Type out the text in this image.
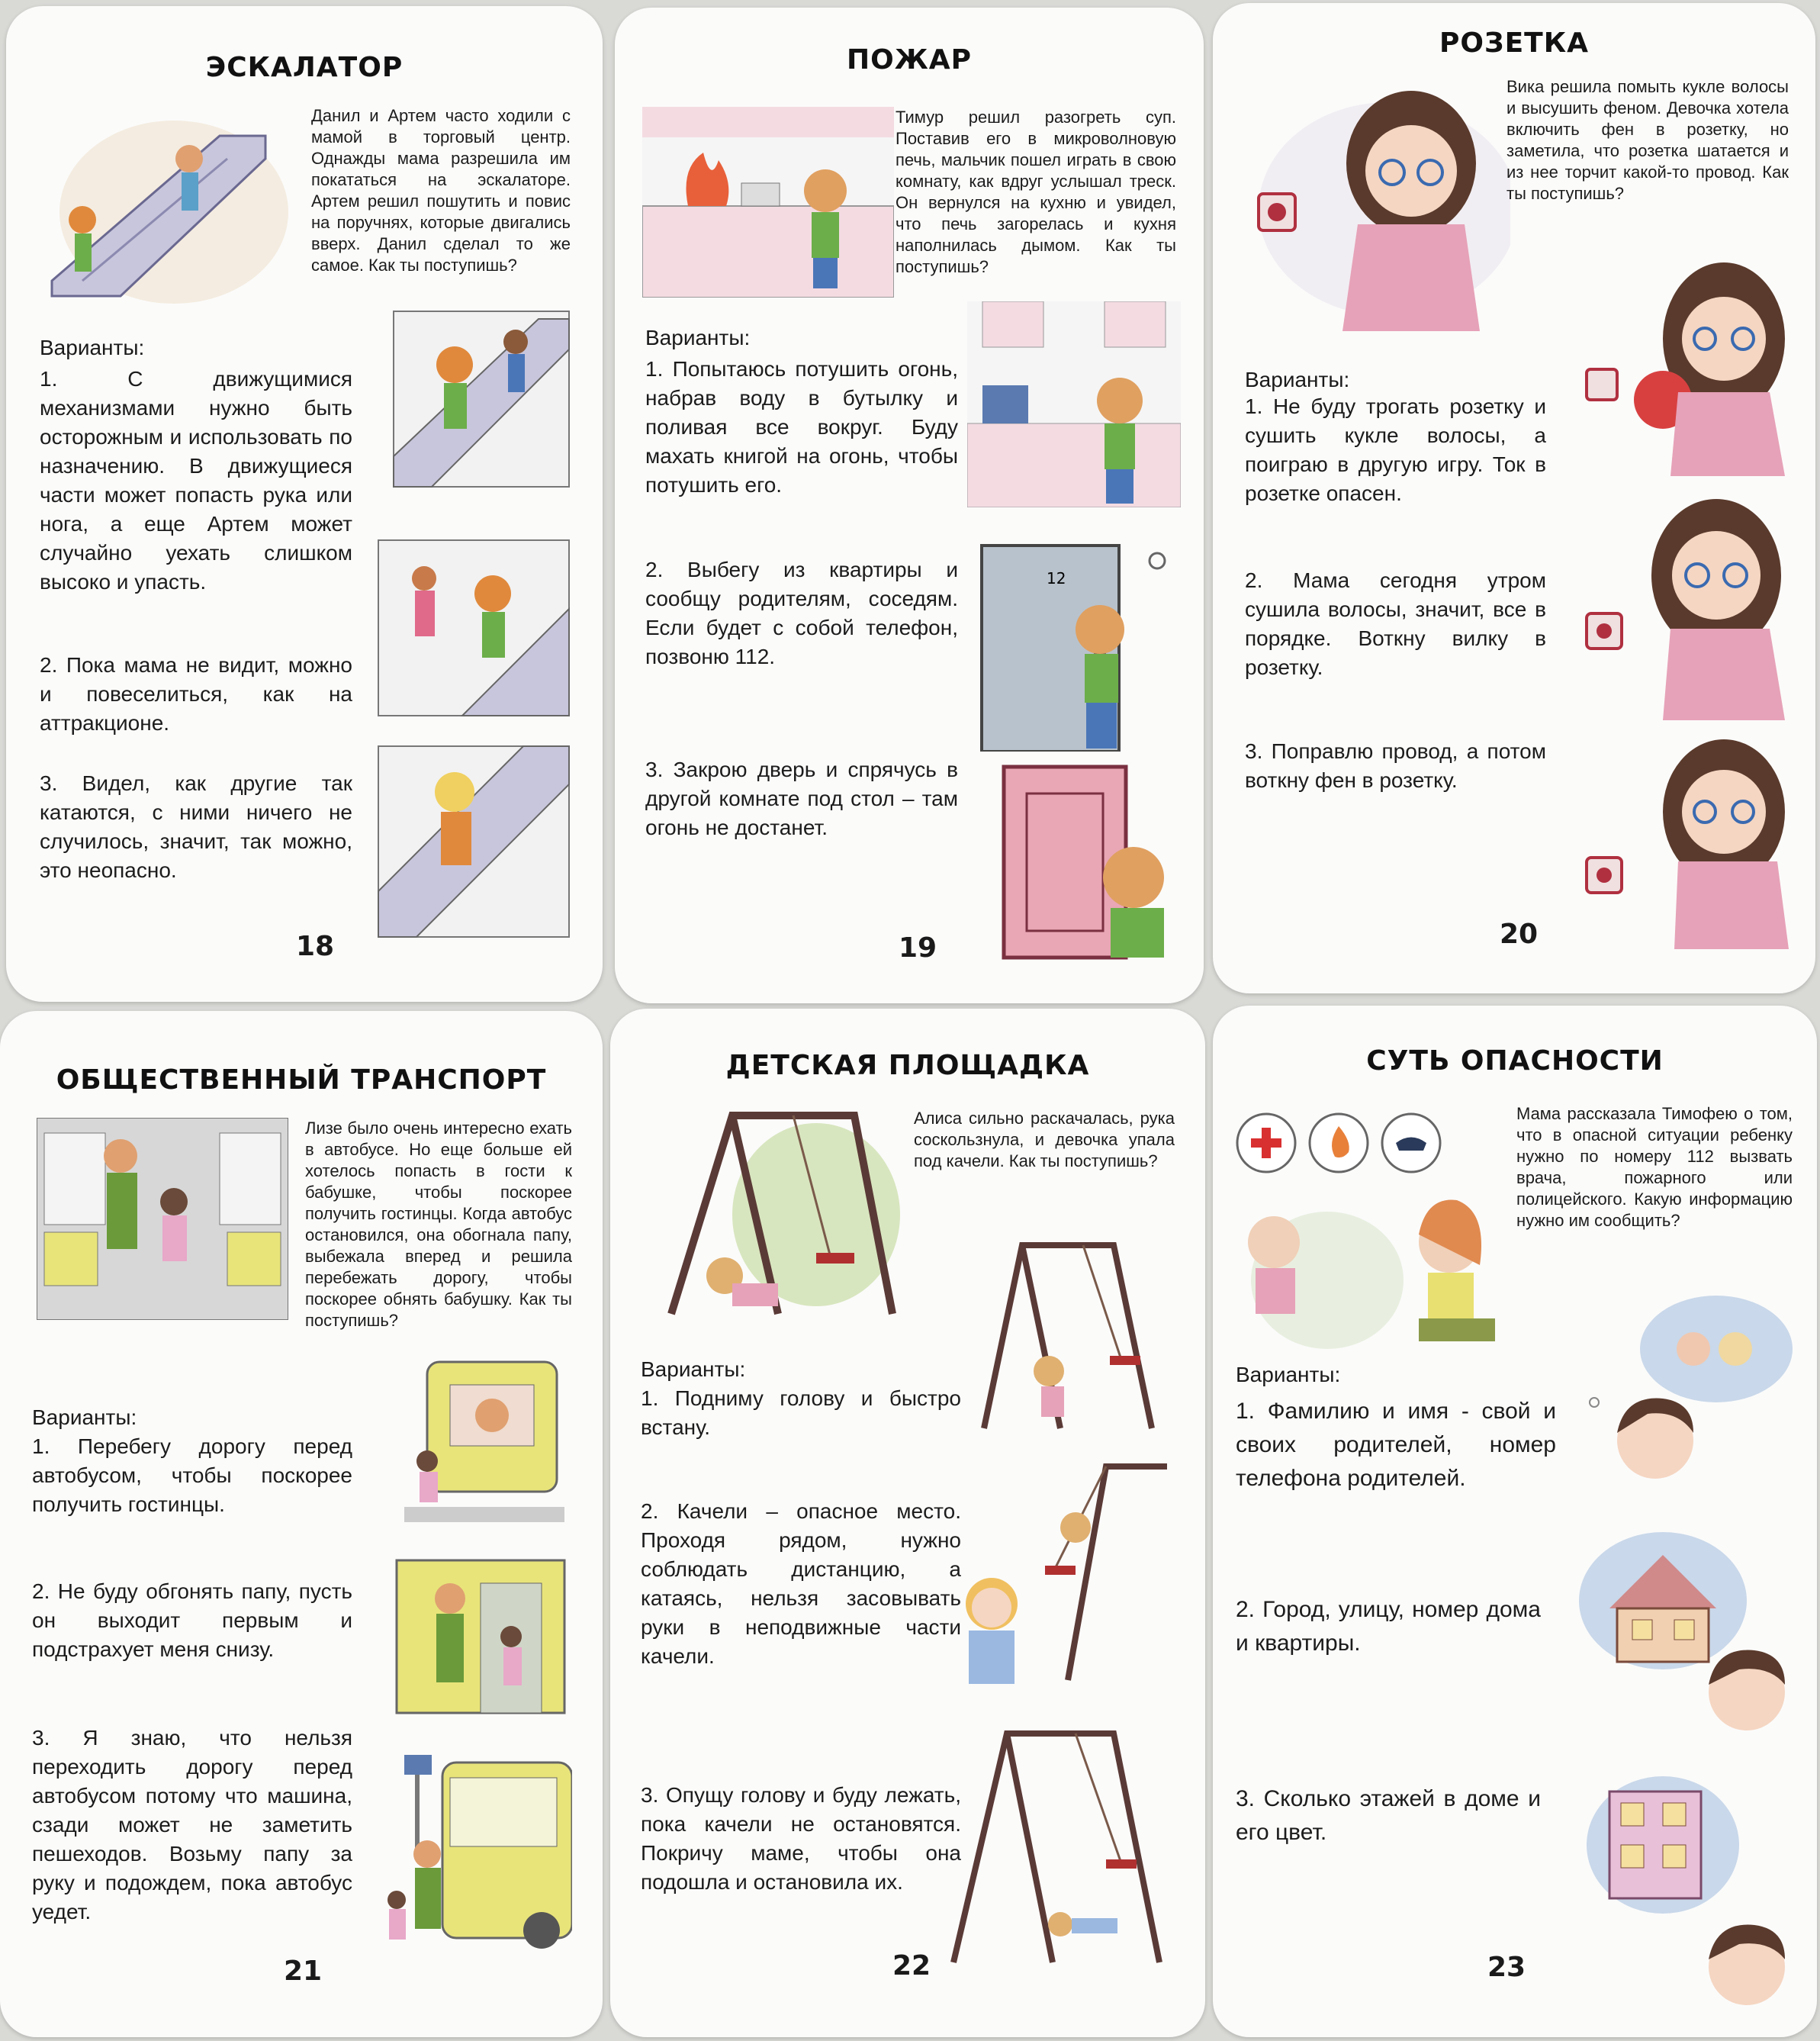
ЭСКАЛАТОР
Данил и Артем часто ходили с мамой в торговый центр. Однажды мама разрешила им покататься на эскалаторе. Артем решил пошутить и повис на поручнях, которые двигались вверх. Данил сделал то же самое. Как ты поступишь?
Варианты:
1. С движущимися механизмами нужно быть осторожным и использовать по назначению. В движущиеся части может попасть рука или нога, а еще Артем может случайно уехать слишком высоко и упасть.
2. Пока мама не видит, можно и повеселиться, как на аттракционе.
3. Видел, как другие так катаются, с ними ничего не случилось, значит, так можно, это неопасно.
18
ПОЖАР
Тимур решил разогреть суп. Поставив его в микроволновую печь, мальчик пошел играть в свою комнату, как вдруг услышал треск. Он вернулся на кухню и увидел, что печь загорелась и кухня наполнилась дымом. Как ты поступишь?
Варианты:
1. Попытаюсь потушить огонь, набрав воду в бутылку и поливая все вокруг. Буду махать книгой на огонь, чтобы потушить его.
2. Выбегу из квартиры и сообщу родителям, соседям. Если будет с собой телефон, позвоню 112.
3. Закрою дверь и спрячусь в другой комнате под стол – там огонь не достанет.
12
19
РОЗЕТКА
Вика решила помыть кукле волосы и высушить феном. Девочка хотела включить фен в розетку, но заметила, что розетка шатается и из нее торчит какой-то провод. Как ты поступишь?
Варианты:
1. Не буду трогать розетку и сушить кукле волосы, а поиграю в другую игру. Ток в розетке опасен.
2. Мама сегодня утром сушила волосы, значит, все в порядке. Воткну вилку в розетку.
3. Поправлю провод, а потом воткну фен в розетку.
20
ОБЩЕСТВЕННЫЙ ТРАНСПОРТ
Лизе было очень интересно ехать в автобусе. Но еще больше ей хотелось попасть в гости к бабушке, чтобы поскорее получить гостинцы. Когда автобус остановился, она обогнала папу, выбежала вперед и решила перебежать дорогу, чтобы поскорее обнять бабушку. Как ты поступишь?
Варианты:
1. Перебегу дорогу перед автобусом, чтобы поскорее получить гостинцы.
2. Не буду обгонять папу, пусть он выходит первым и подстрахует меня снизу.
3. Я знаю, что нельзя переходить дорогу перед автобусом потому что машина, сзади может не заметить пешеходов. Возьму папу за руку и подождем, пока автобус уедет.
21
ДЕТСКАЯ ПЛОЩАДКА
Алиса сильно раскачалась, рука соскользнула, и девочка упала под качели. Как ты поступишь?
Варианты:
1. Подниму голову и быстро встану.
2. Качели – опасное место. Проходя рядом, нужно соблюдать дистанцию, а катаясь, нельзя засовывать руки в неподвижные части качели.
3. Опущу голову и буду лежать, пока качели не остановятся. Покричу маме, чтобы она подошла и остановила их.
22
СУТЬ ОПАСНОСТИ
Мама рассказала Тимофею о том, что в опасной ситуации ребенку нужно по номеру 112 вызвать врача, пожарного или полицейского. Какую информацию нужно им сообщить?
Варианты:
1. Фамилию и имя - свой и своих родителей, номер телефона родителей.
2. Город, улицу, номер дома и квартиры.
3. Сколько этажей в доме и его цвет.
23
